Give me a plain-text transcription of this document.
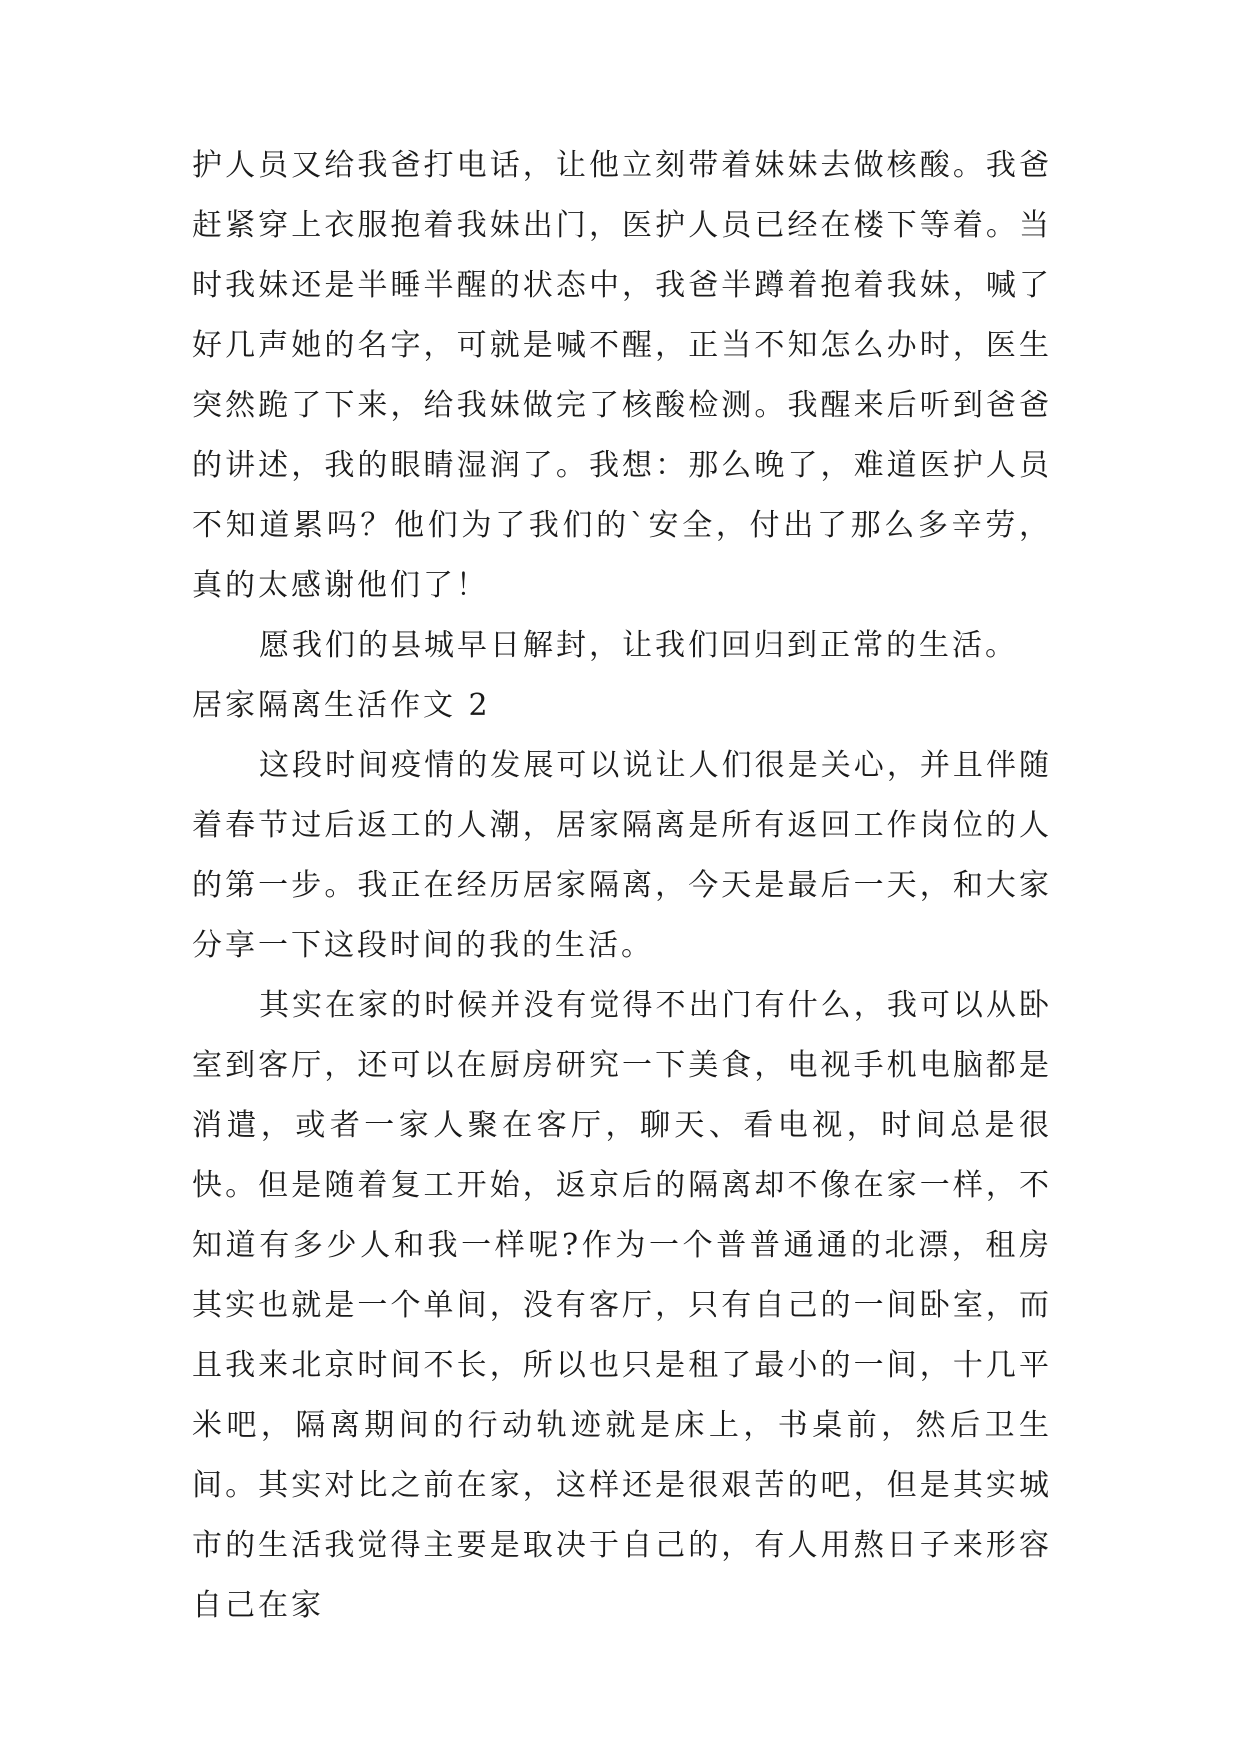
护人员又给我爸打电话，让他立刻带着妹妹去做核酸。我爸赶紧穿上衣服抱着我妹出门，医护人员已经在楼下等着。当时我妹还是半睡半醒的状态中，我爸半蹲着抱着我妹，喊了好几声她的名字，可就是喊不醒，正当不知怎么办时，医生突然跪了下来，给我妹做完了核酸检测。我醒来后听到爸爸的讲述，我的眼睛湿润了。我想：那么晚了，难道医护人员不知道累吗？他们为了我们的`安全，付出了那么多辛劳，真的太感谢他们了！

愿我们的县城早日解封，让我们回归到正常的生活。

居家隔离生活作文 2

这段时间疫情的发展可以说让人们很是关心，并且伴随着春节过后返工的人潮，居家隔离是所有返回工作岗位的人的第一步。我正在经历居家隔离，今天是最后一天，和大家分享一下这段时间的我的生活。

其实在家的时候并没有觉得不出门有什么，我可以从卧室到客厅，还可以在厨房研究一下美食，电视手机电脑都是消遣，或者一家人聚在客厅，聊天、看电视，时间总是很快。但是随着复工开始，返京后的隔离却不像在家一样，不知道有多少人和我一样呢?作为一个普普通通的北漂，租房其实也就是一个单间，没有客厅，只有自己的一间卧室，而且我来北京时间不长，所以也只是租了最小的一间，十几平米吧，隔离期间的行动轨迹就是床上，书桌前，然后卫生间。其实对比之前在家，这样还是很艰苦的吧，但是其实城市的生活我觉得主要是取决于自己的，有人用熬日子来形容自己在家
